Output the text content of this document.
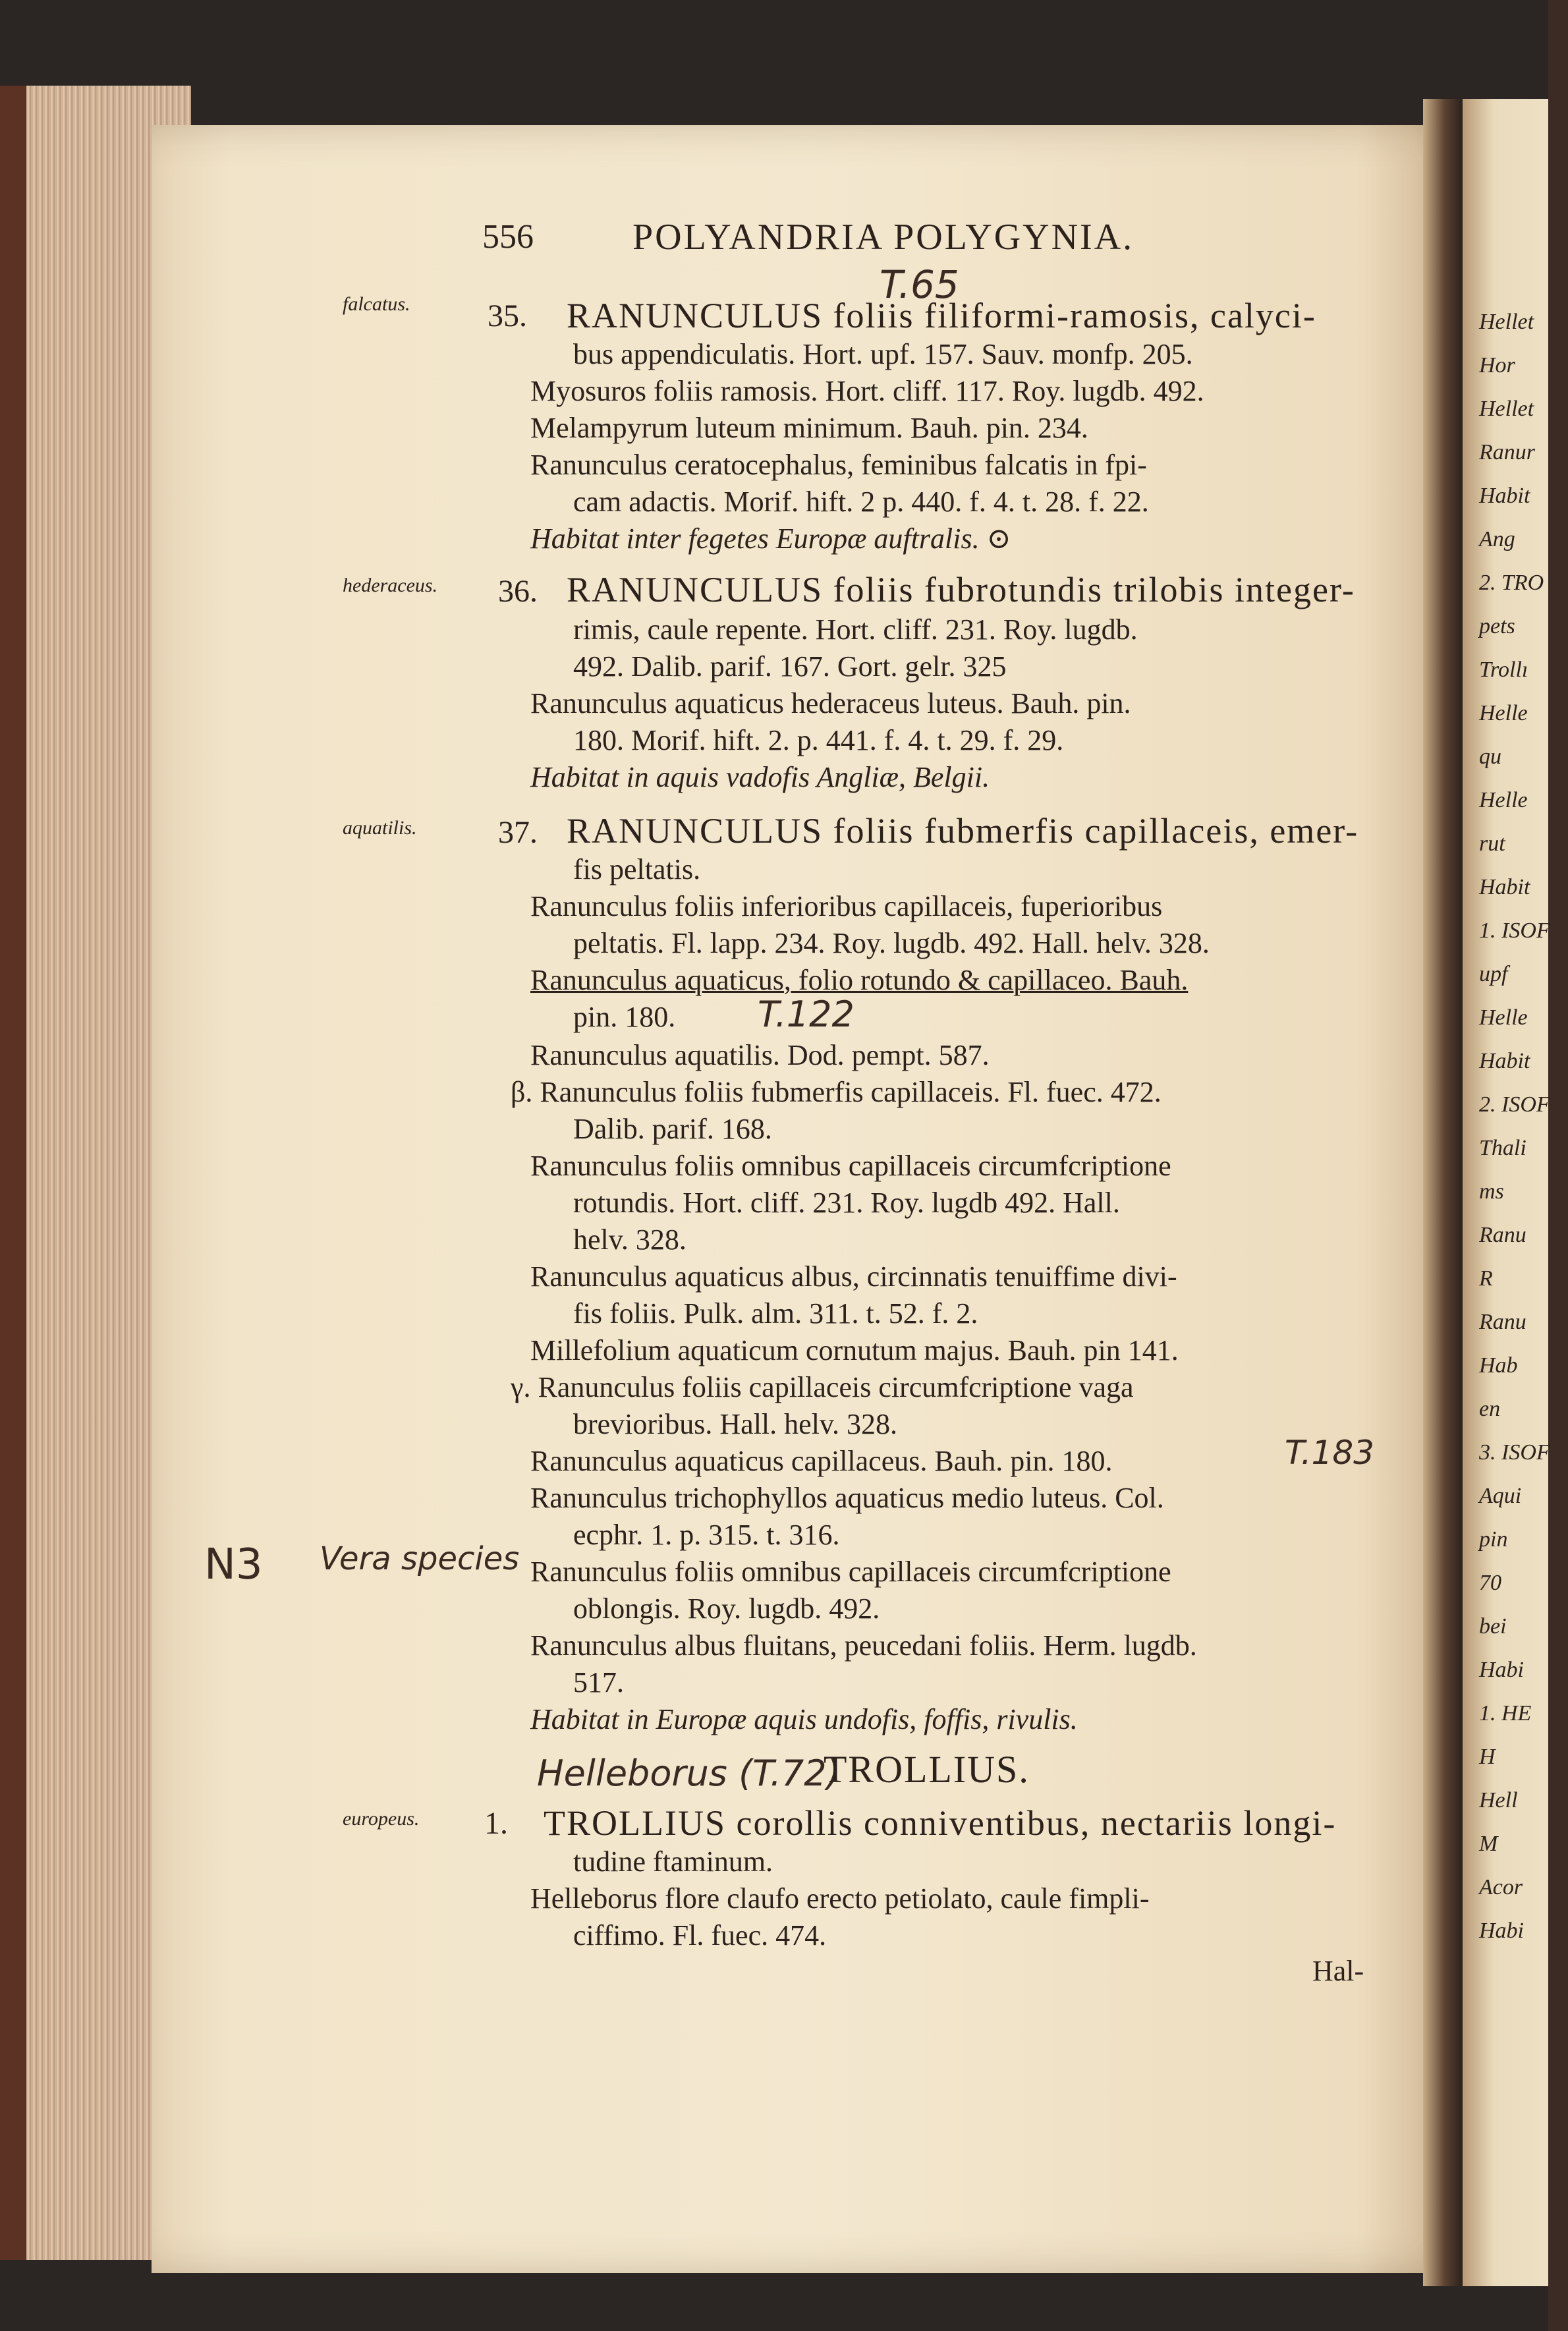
556	POLYANDRIA POLYGYNIA.
T.65
falcatus. 35. RANUNCULUS foliis filiformi-ramosis, calyci-
bus appendiculatis. Hort. upf. 157. Sauv. monfp. 205.
Myosuros foliis ramosis. Hort. cliff. 117. Roy. lugdb. 492.
Melampyrum luteum minimum. Bauh. pin. 234.
Ranunculus ceratocephalus, feminibus falcatis in fpi-
cam adactis. Morif. hift. 2 p. 440. f. 4. t. 28. f. 22.
Habitat inter fegetes Europæ auftralis. ⊙
hederaceus. 36. RANUNCULUS foliis fubrotundis trilobis integer-
rimis, caule repente. Hort. cliff. 231. Roy. lugdb.
492. Dalib. parif. 167. Gort. gelr. 325
Ranunculus aquaticus hederaceus luteus. Bauh. pin.
180. Morif. hift. 2. p. 441. f. 4. t. 29. f. 29.
Habitat in aquis vadofis Angliæ, Belgii.
aquatilis.	37. RANUNCULUS foliis fubmerfis capillaceis, emer-
fis peltatis.
Ranunculus foliis inferioribus capillaceis, fuperioribus
peltatis. Fl. lapp. 234. Roy. lugdb. 492. Hall. helv. 328.
Ranunculus aquaticus, folio rotundo & capillaceo. Bauh.
pin. 180. T.122
Ranunculus aquatilis. Dod. pempt. 587.
β. Ranunculus foliis fubmerfis capillaceis. Fl. fuec. 472.
Dalib. parif. 168.
Ranunculus foliis omnibus capillaceis circumfcriptione
rotundis. Hort. cliff. 231. Roy. lugdb 492. Hall.
helv. 328.
Ranunculus aquaticus albus, circinnatis tenuiffime divi-
fis foliis. Pulk. alm. 311. t. 52. f. 2.
Millefolium aquaticum cornutum majus. Bauh. pin 141.
γ. Ranunculus foliis capillaceis circumfcriptione vaga
brevioribus. Hall. helv. 328.
Ranunculus aquaticus capillaceus. Bauh. pin. 180.	T.183
Ranunculus trichophyllos aquaticus medio luteus. Col.
ecphr. 1. p. 315. t. 316.
N3 Vera species Ranunculus foliis omnibus capillaceis circumfcriptione
oblongis. Roy. lugdb. 492.
Ranunculus albus fluitans, peucedani foliis. Herm. lugdb.
517.
Habitat in Europæ aquis undofis, foffis, rivulis.
Helleborus (T.72)
TROLLIUS.
europeus. 1. TROLLIUS corollis conniventibus, nectariis longi-
tudine ftaminum.
Helleborus flore claufo erecto petiolato, caule fimpli-
ciffimo. Fl. fuec. 474.
Hal-
Hellet
Hor
Hellet
Ranur
Habit
Ang
2. TRO
pets
Trollı
Helle
qu
Helle
rut
Habit
1. ISOF
upf
Helle
Habit
2. ISOF
Thali
ms
Ranu
R
Ranu
Hab
en
3. ISOF
Aqui
pin
70
bei
Habi
1. HE
H
Hell
M
Acor
Habi
